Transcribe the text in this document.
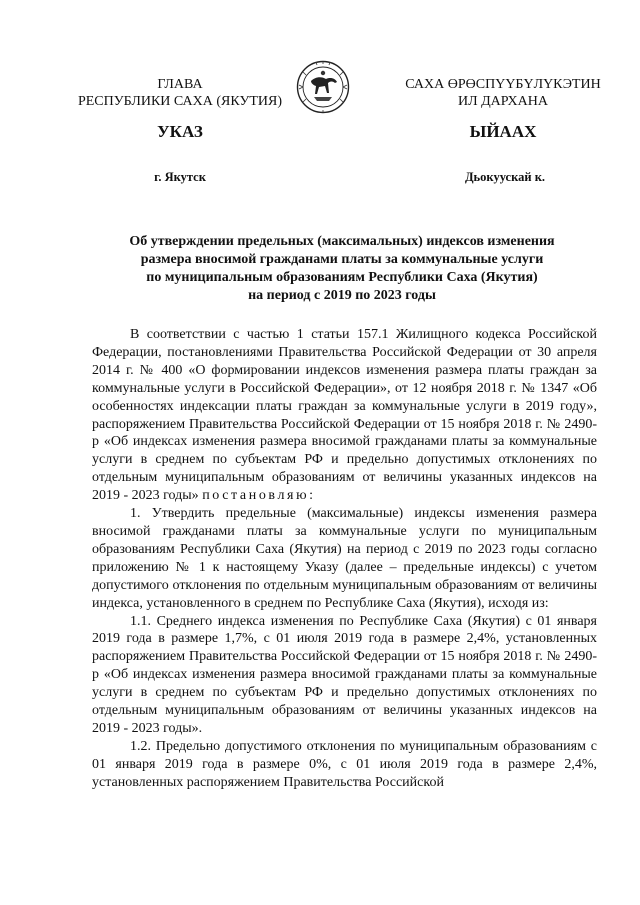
ГЛАВА
РЕСПУБЛИКИ САХА (ЯКУТИЯ)
САХА ӨРӨСПҮҮБҮЛҮКЭТИН
ИЛ ДАРХАНА
УКАЗ	ЫЙААХ
г. Якутск	Дьокуускай к.
Об утверждении предельных (максимальных) индексов изменения
размера вносимой гражданами платы за коммунальные услуги
по муниципальным образованиям Республики Саха (Якутия)
на период с 2019 по 2023 годы

В соответствии с частью 1 статьи 157.1 Жилищного кодекса Российской Федерации, постановлениями Правительства Российской Федерации от 30 апреля 2014 г. № 400 «О формировании индексов изменения размера платы граждан за коммунальные услуги в Российской Федерации», от 12 ноября 2018 г. № 1347 «Об особенностях индексации платы граждан за коммунальные услуги в 2019 году», распоряжением Правительства Российской Федерации от 15 ноября 2018 г. № 2490-р «Об индексах изменения размера вносимой гражданами платы за коммунальные услуги в среднем по субъектам РФ и предельно допустимых отклонениях по отдельным муниципальным образованиям от величины указанных индексов на 2019 - 2023 годы» постановляю:

1. Утвердить предельные (максимальные) индексы изменения размера вносимой гражданами платы за коммунальные услуги по муниципальным образованиям Республики Саха (Якутия) на период с 2019 по 2023 годы согласно приложению № 1 к настоящему Указу (далее – предельные индексы) с учетом допустимого отклонения по отдельным муниципальным образованиям от величины индекса, установленного в среднем по Республике Саха (Якутия), исходя из:

1.1. Среднего индекса изменения по Республике Саха (Якутия) с 01 января 2019 года в размере 1,7%, с 01 июля 2019 года в размере 2,4%, установленных распоряжением Правительства Российской Федерации от 15 ноября 2018 г. № 2490-р «Об индексах изменения размера вносимой гражданами платы за коммунальные услуги в среднем по субъектам РФ и предельно допустимых отклонениях по отдельным муниципальным образованиям от величины указанных индексов на 2019 - 2023 годы».

1.2. Предельно допустимого отклонения по муниципальным образованиям с 01 января 2019 года в размере 0%, с 01 июля 2019 года в размере 2,4%, установленных распоряжением Правительства Российской
